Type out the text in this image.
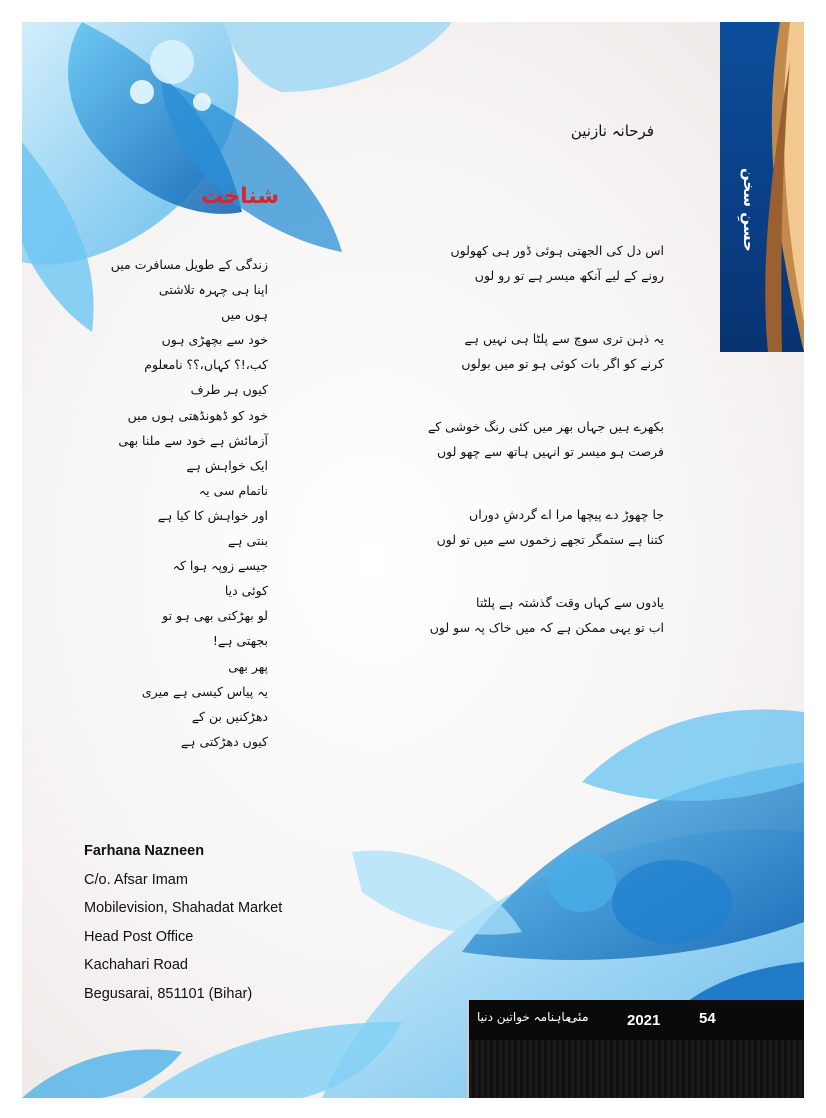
حسنِ سخن
فرحانہ نازنین
شناخت
زندگی کے طویل مسافرت میں
اپنا ہی چہرہ تلاشتی
ہوں میں
خود سے بچھڑی ہوں
کب،!؟ کہاں،؟؟ نامعلوم
کیوں ہر طرف
خود کو ڈھونڈھتی ہوں میں
آزمائش ہے خود سے ملنا بھی
ایک خواہش ہے
ناتمام سی یہ
اور خواہش کا کیا ہے
بنتی ہے
جیسے زوپہ ہوا کہ
کوئی دیا
لو بھڑکتی بھی ہو تو
بجھتی ہے!
پھر بھی
یہ پیاس کیسی ہے میری
دھڑکنیں بن کے
کیوں دھڑکتی ہے
اس دل کی الجھتی ہوئی ڈور ہی کھولوں
رونے کے لیے آنکھ میسر ہے تو رو لوں
یہ ذہن تری سوچ سے پلٹا ہی نہیں ہے
کرنے کو اگر بات کوئی ہو تو میں بولوں
بکھرے ہیں جہاں بھر میں کئی رنگ خوشی کے
فرصت ہو میسر تو انہیں ہاتھ سے چھو لوں
جا چھوڑ دے پیچھا مرا اے گردشِ دوراں
کتنا ہے ستمگر تجھے زخموں سے میں تو لوں
یادوں سے کہاں وقت گذشتہ ہے پلٹتا
اب تو یہی ممکن ہے کہ میں خاک پہ سو لوں
Farhana Nazneen
C/o. Afsar Imam
Mobilevision, Shahadat Market
Head Post Office
Kachahari Road
Begusarai, 851101 (Bihar)
ماہنامہ خواتین دنیا
مئی	2021	54
